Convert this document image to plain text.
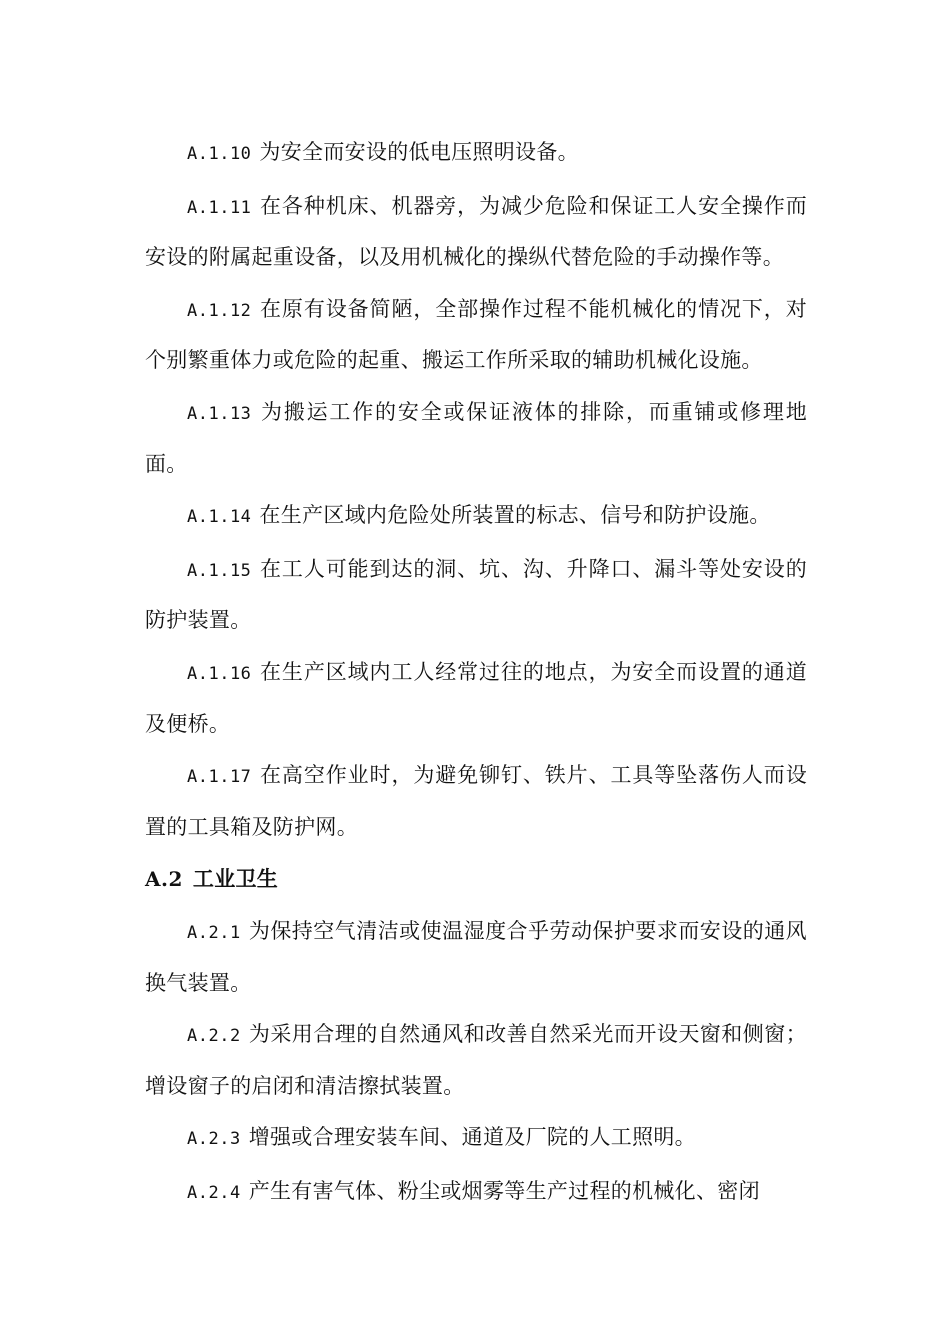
A.1.10 为安全而安设的低电压照明设备。

A.1.11 在各种机床、机器旁，为减少危险和保证工人安全操作而安设的附属起重设备，以及用机械化的操纵代替危险的手动操作等。

A.1.12 在原有设备简陋，全部操作过程不能机械化的情况下，对个别繁重体力或危险的起重、搬运工作所采取的辅助机械化设施。

A.1.13 为搬运工作的安全或保证液体的排除，而重铺或修理地面。

A.1.14 在生产区域内危险处所装置的标志、信号和防护设施。

A.1.15 在工人可能到达的洞、坑、沟、升降口、漏斗等处安设的防护装置。

A.1.16 在生产区域内工人经常过往的地点，为安全而设置的通道及便桥。

A.1.17 在高空作业时，为避免铆钉、铁片、工具等坠落伤人而设置的工具箱及防护网。

A.2 工业卫生

A.2.1 为保持空气清洁或使温湿度合乎劳动保护要求而安设的通风换气装置。

A.2.2 为采用合理的自然通风和改善自然采光而开设天窗和侧窗；增设窗子的启闭和清洁擦拭装置。

A.2.3 增强或合理安装车间、通道及厂院的人工照明。

A.2.4 产生有害气体、粉尘或烟雾等生产过程的机械化、密闭
